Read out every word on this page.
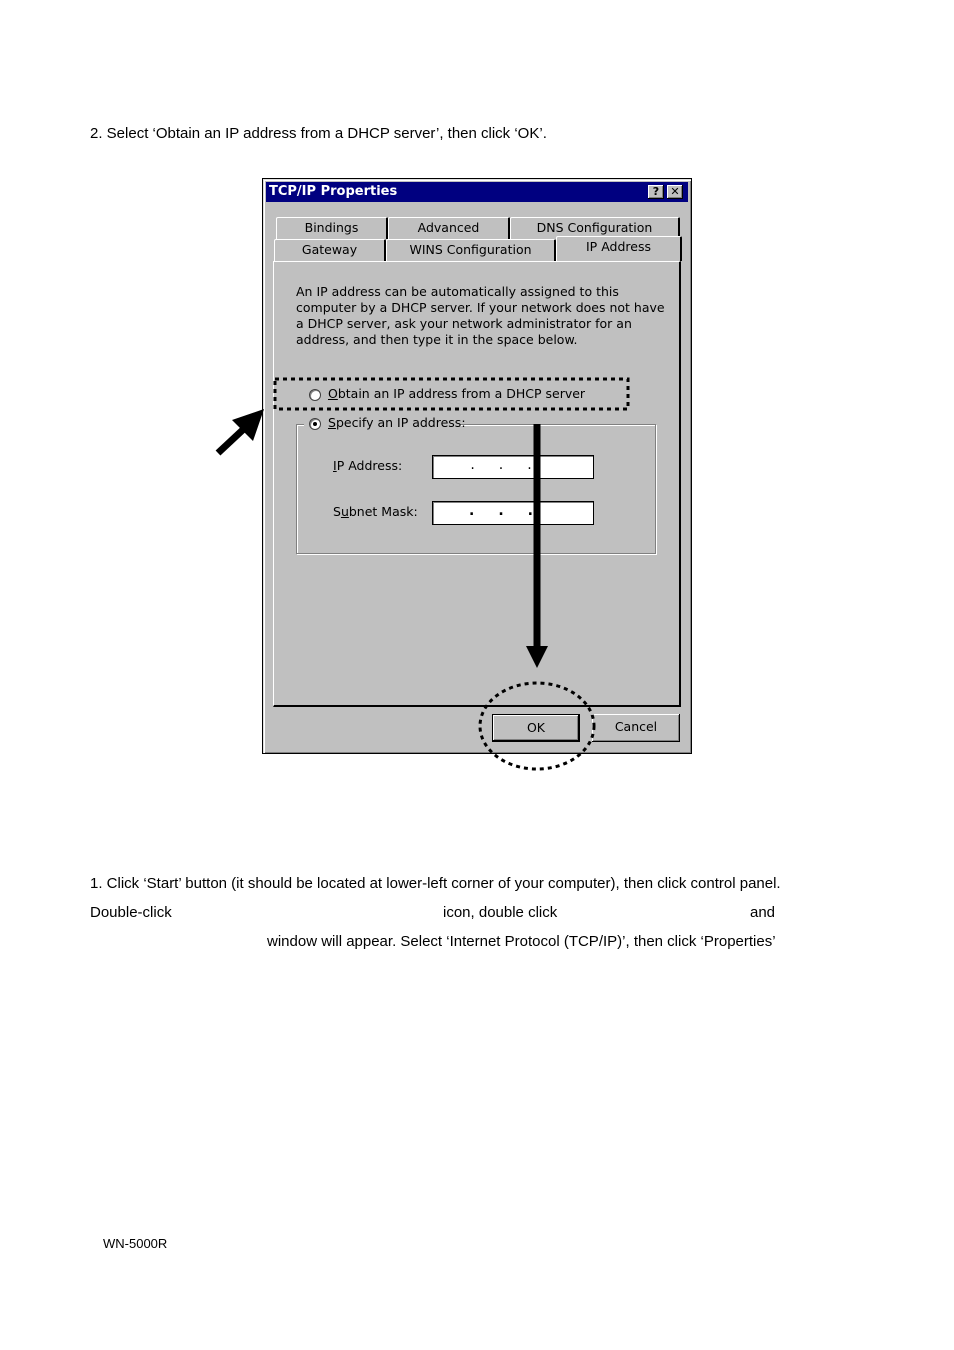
2. Select ‘Obtain an IP address from a DHCP server’, then click ‘OK’.
TCP/IP Properties	?	✕
Bindings	Advanced	DNS Configuration
Gateway	WINS Configuration	IP Address
An IP address can be automatically assigned to this computer by a DHCP server. If your network does not have a DHCP server, ask your network administrator for an address, and then type it in the space below.
Obtain an IP address from a DHCP server
Specify an IP address:
IP Address:	...
Subnet Mask:	...
OK	Cancel
1. Click ‘Start’ button (it should be located at lower-left corner of your computer), then click control panel.
Double-click	icon, double click	and
window will appear. Select ‘Internet Protocol (TCP/IP)’, then click ‘Properties’
WN-5000R
